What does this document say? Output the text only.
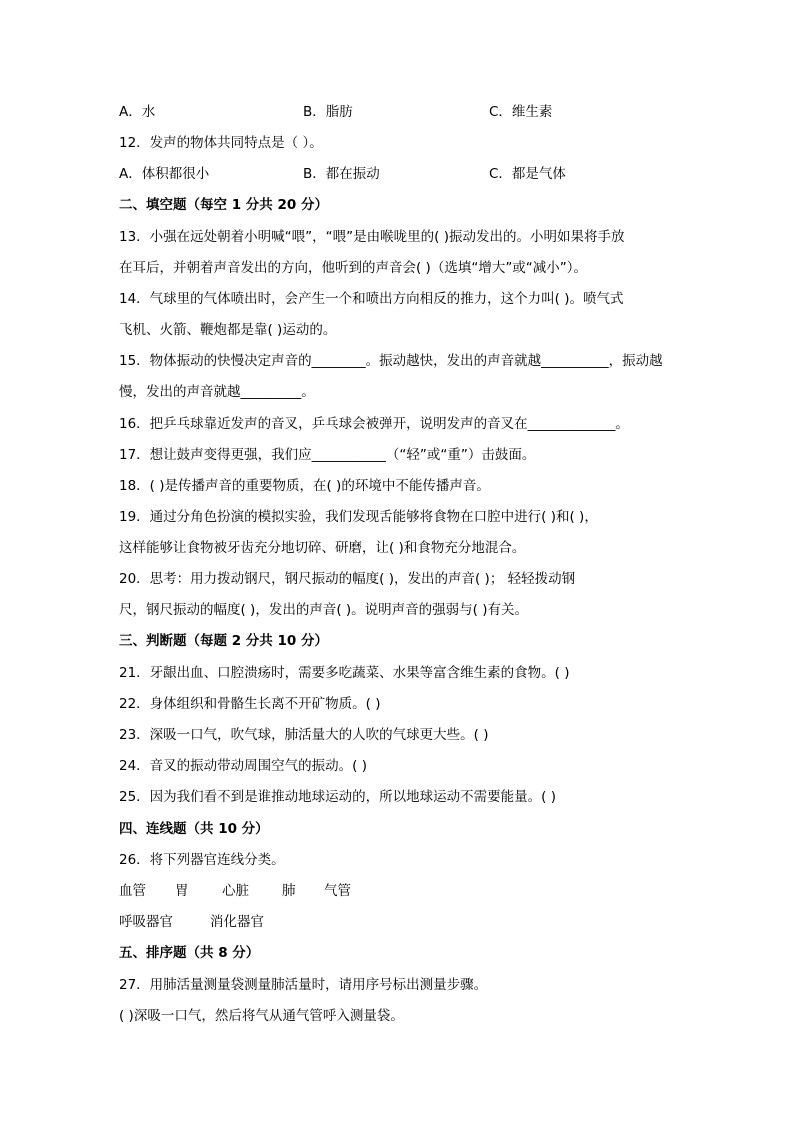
A．水	B．脂肪	C．维生素
12．发声的物体共同特点是（ ）。
A．体积都很小	B．都在振动	C．都是气体
二、填空题（每空 1 分共 20 分）
13．小强在远处朝着小明喊“喂”，“喂”是由喉咙里的( )振动发出的。小明如果将手放
在耳后，并朝着声音发出的方向，他听到的声音会( )（选填“增大”或“减小”）。
14．气球里的气体喷出时，会产生一个和喷出方向相反的推力，这个力叫( )。喷气式
飞机、火箭、鞭炮都是靠( )运动的。
15．物体振动的快慢决定声音的________。振动越快，发出的声音就越__________，振动越
慢，发出的声音就越_________。
16．把乒乓球靠近发声的音叉，乒乓球会被弹开，说明发声的音叉在_____________。
17．想让鼓声变得更强，我们应___________（“轻”或“重”）击鼓面。
18．( )是传播声音的重要物质，在( )的环境中不能传播声音。
19．通过分角色扮演的模拟实验，我们发现舌能够将食物在口腔中进行( )和( )，
这样能够让食物被牙齿充分地切碎、研磨，让( )和食物充分地混合。
20．思考：用力拨动钢尺，钢尺振动的幅度( )，发出的声音( )； 轻轻拨动钢
尺，钢尺振动的幅度( )，发出的声音( )。说明声音的强弱与( )有关。
三、判断题（每题 2 分共 10 分）
21．牙龈出血、口腔溃疡时，需要多吃蔬菜、水果等富含维生素的食物。( )
22．身体组织和骨骼生长离不开矿物质。( )
23．深吸一口气，吹气球，肺活量大的人吹的气球更大些。( )
24．音叉的振动带动周围空气的振动。( )
25．因为我们看不到是谁推动地球运动的，所以地球运动不需要能量。( )
四、连线题（共 10 分）
26．将下列器官连线分类。
血管 胃 心脏 肺 气管
呼吸器官	消化器官
五、排序题（共 8 分）
27．用肺活量测量袋测量肺活量时，请用序号标出测量步骤。
( )深吸一口气，然后将气从通气管呼入测量袋。
